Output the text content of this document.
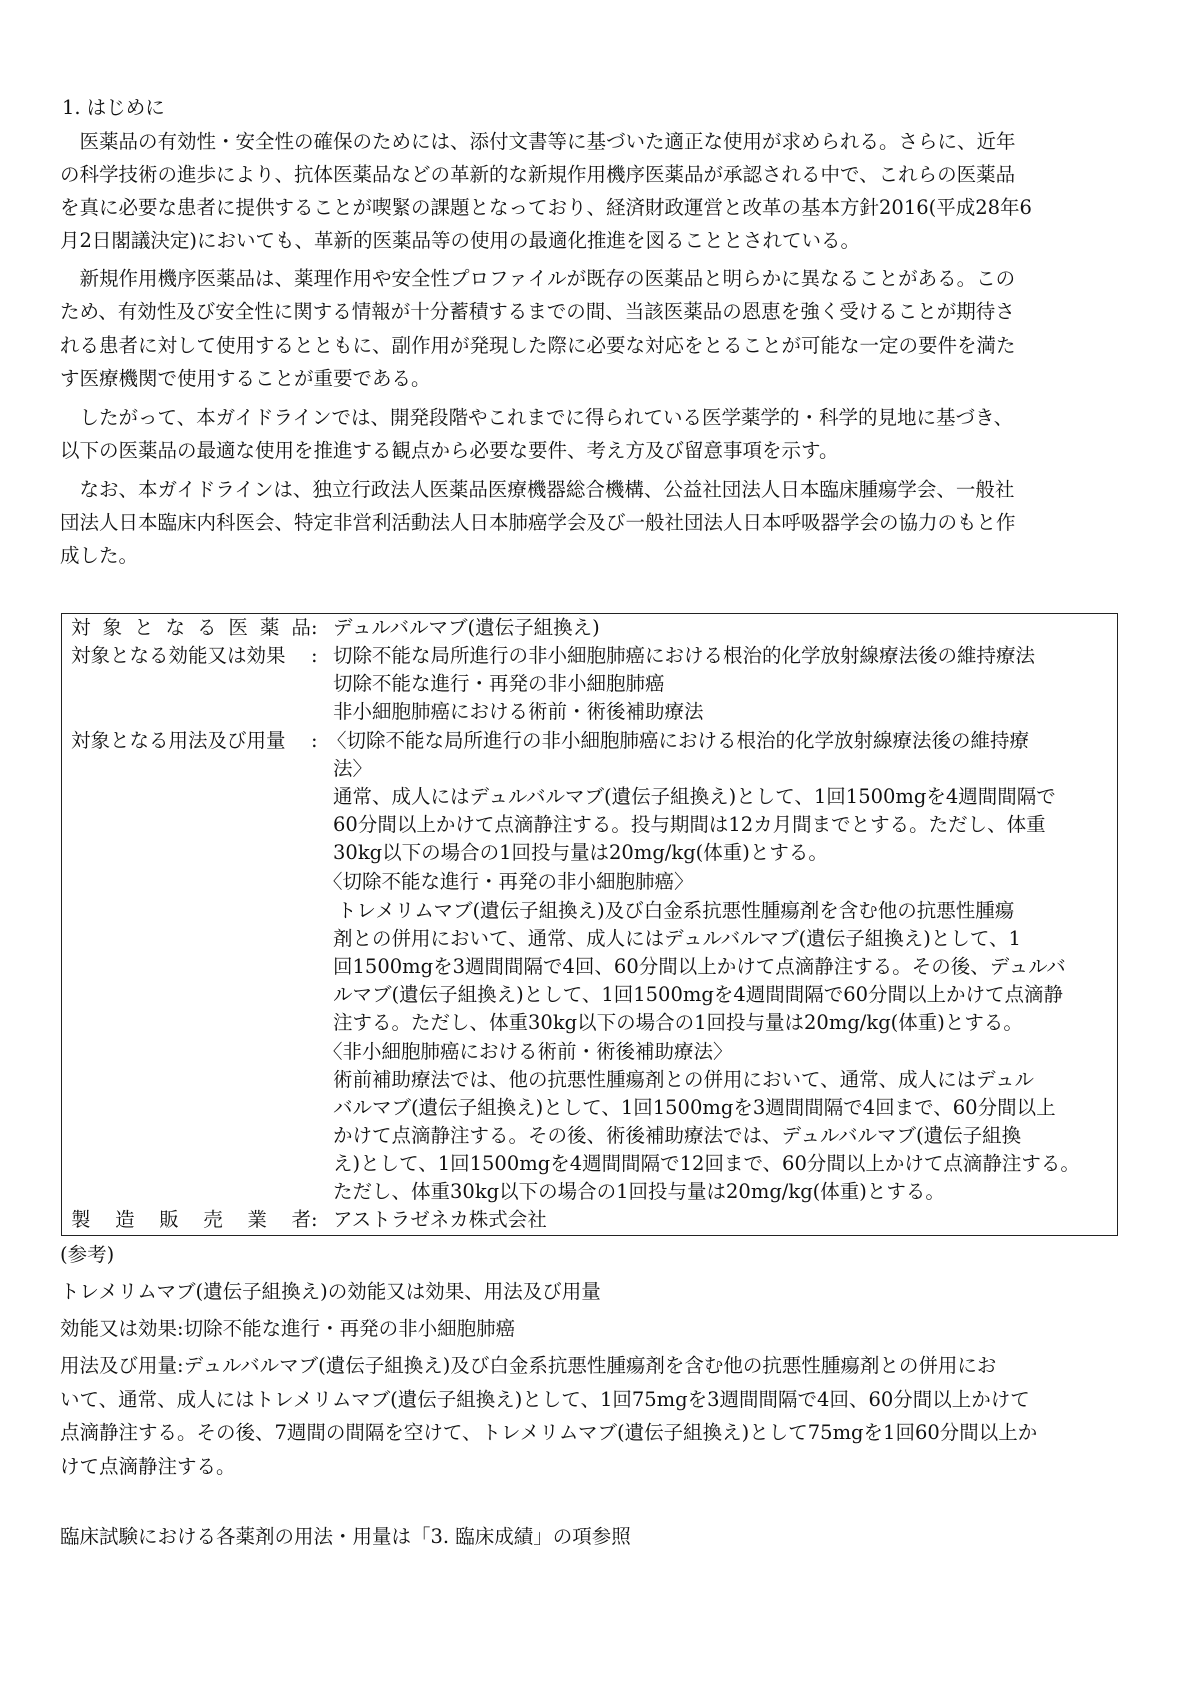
1. はじめに
　医薬品の有効性・安全性の確保のためには、添付文書等に基づいた適正な使用が求められる。さらに、近年
の科学技術の進歩により、抗体医薬品などの革新的な新規作用機序医薬品が承認される中で、これらの医薬品
を真に必要な患者に提供することが喫緊の課題となっており、経済財政運営と改革の基本方針2016(平成28年6
月2日閣議決定)においても、革新的医薬品等の使用の最適化推進を図ることとされている。
　新規作用機序医薬品は、薬理作用や安全性プロファイルが既存の医薬品と明らかに異なることがある。この
ため、有効性及び安全性に関する情報が十分蓄積するまでの間、当該医薬品の恩恵を強く受けることが期待さ
れる患者に対して使用するとともに、副作用が発現した際に必要な対応をとることが可能な一定の要件を満た
す医療機関で使用することが重要である。
　したがって、本ガイドラインでは、開発段階やこれまでに得られている医学薬学的・科学的見地に基づき、
以下の医薬品の最適な使用を推進する観点から必要な要件、考え方及び留意事項を示す。
　なお、本ガイドラインは、独立行政法人医薬品医療機器総合機構、公益社団法人日本臨床腫瘍学会、一般社
団法人日本臨床内科医会、特定非営利活動法人日本肺癌学会及び一般社団法人日本呼吸器学会の協力のもと作
成した。
対 象 と な る 医 薬 品 : デュルバルマブ(遺伝子組換え)
対象となる効能又は効果	: 切除不能な局所進行の非小細胞肺癌における根治的化学放射線療法後の維持療法
切除不能な進行・再発の非小細胞肺癌
非小細胞肺癌における術前・術後補助療法
対象となる用法及び用量	: 〈切除不能な局所進行の非小細胞肺癌における根治的化学放射線療法後の維持療
法〉
通常、成人にはデュルバルマブ(遺伝子組換え)として、1回1500mgを4週間間隔で
60分間以上かけて点滴静注する。投与期間は12カ月間までとする。ただし、体重
30kg以下の場合の1回投与量は20mg/kg(体重)とする。
〈切除不能な進行・再発の非小細胞肺癌〉
トレメリムマブ(遺伝子組換え)及び白金系抗悪性腫瘍剤を含む他の抗悪性腫瘍
剤との併用において、通常、成人にはデュルバルマブ(遺伝子組換え)として、1
回1500mgを3週間間隔で4回、60分間以上かけて点滴静注する。その後、デュルバ
ルマブ(遺伝子組換え)として、1回1500mgを4週間間隔で60分間以上かけて点滴静
注する。ただし、体重30kg以下の場合の1回投与量は20mg/kg(体重)とする。
〈非小細胞肺癌における術前・術後補助療法〉
術前補助療法では、他の抗悪性腫瘍剤との併用において、通常、成人にはデュル
バルマブ(遺伝子組換え)として、1回1500mgを3週間間隔で4回まで、60分間以上
かけて点滴静注する。その後、術後補助療法では、デュルバルマブ(遺伝子組換
え)として、1回1500mgを4週間間隔で12回まで、60分間以上かけて点滴静注する。
ただし、体重30kg以下の場合の1回投与量は20mg/kg(体重)とする。
製 造 販 売 業 者 : アストラゼネカ株式会社
(参考)
トレメリムマブ(遺伝子組換え)の効能又は効果、用法及び用量
効能又は効果:切除不能な進行・再発の非小細胞肺癌
用法及び用量:デュルバルマブ(遺伝子組換え)及び白金系抗悪性腫瘍剤を含む他の抗悪性腫瘍剤との併用にお
いて、通常、成人にはトレメリムマブ(遺伝子組換え)として、1回75mgを3週間間隔で4回、60分間以上かけて
点滴静注する。その後、7週間の間隔を空けて、トレメリムマブ(遺伝子組換え)として75mgを1回60分間以上か
けて点滴静注する。
臨床試験における各薬剤の用法・用量は「3. 臨床成績」の項参照
